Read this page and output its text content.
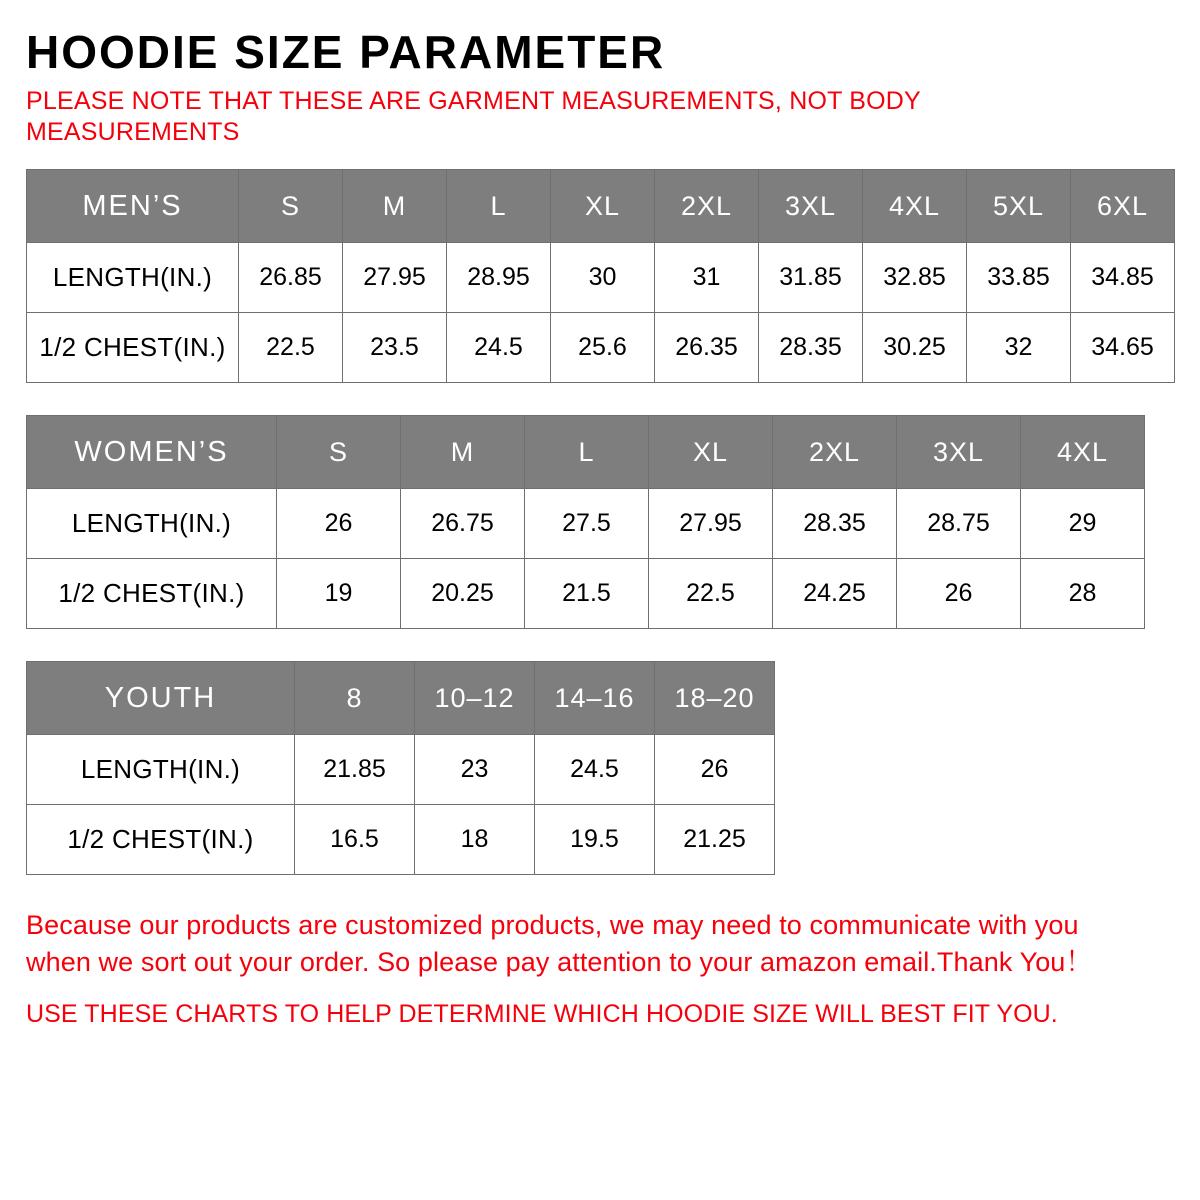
HOODIE SIZE PARAMETER

PLEASE NOTE THAT THESE ARE GARMENT MEASUREMENTS, NOT BODY MEASUREMENTS

MEN’S	S	M	L	XL	2XL	3XL	4XL	5XL	6XL
LENGTH(IN.)	26.85	27.95	28.95	30	31	31.85	32.85	33.85	34.85
1/2 CHEST(IN.)	22.5	23.5	24.5	25.6	26.35	28.35	30.25	32	34.65
WOMEN’S	S	M	L	XL	2XL	3XL	4XL
LENGTH(IN.)	26	26.75	27.5	27.95	28.35	28.75	29
1/2 CHEST(IN.)	19	20.25	21.5	22.5	24.25	26	28
YOUTH	8	10–12	14–16	18–20
LENGTH(IN.)	21.85	23	24.5	26
1/2 CHEST(IN.)	16.5	18	19.5	21.25

Because our products are customized products, we may need to communicate with you when we sort out your order. So please pay attention to your amazon email.Thank You！

USE THESE CHARTS TO HELP DETERMINE WHICH HOODIE SIZE WILL BEST FIT YOU.
